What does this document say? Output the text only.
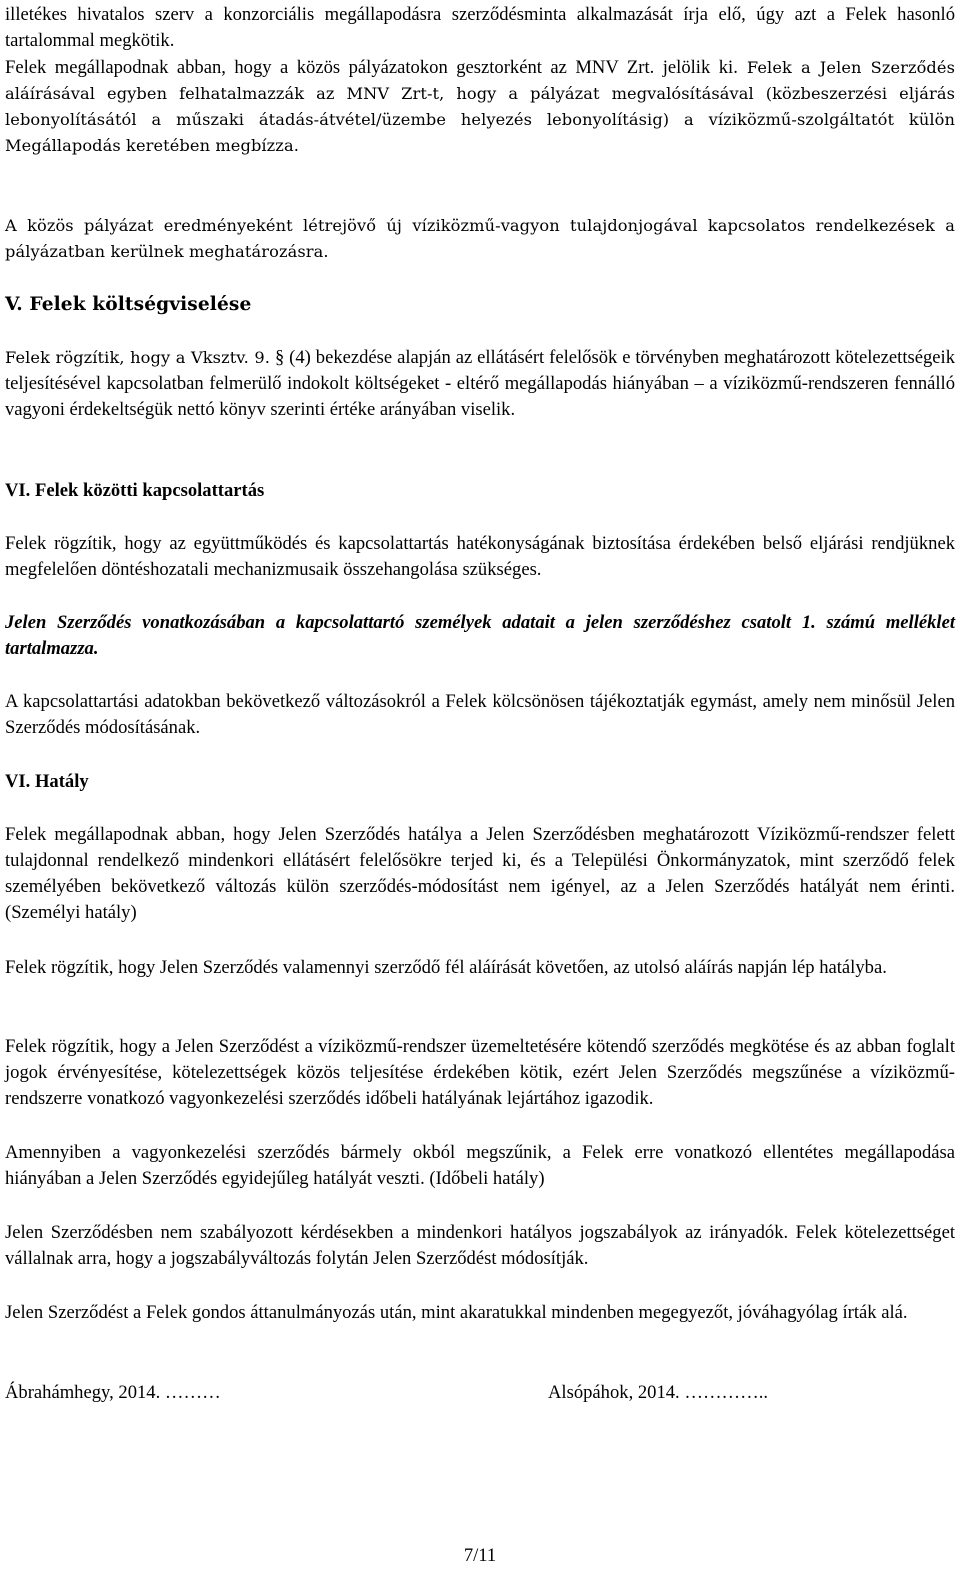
illetékes hivatalos szerv a konzorciális megállapodásra szerződésminta alkalmazását írja elő, úgy azt a Felek hasonló tartalommal megkötik.

Felek megállapodnak abban, hogy a közös pályázatokon gesztorként az MNV Zrt. jelölik ki. Felek a Jelen Szerződés aláírásával egyben felhatalmazzák az MNV Zrt-t, hogy a pályázat megvalósításával (közbeszerzési eljárás lebonyolításától a műszaki átadás-átvétel/üzembe helyezés lebonyolításig) a víziközmű-szolgáltatót külön Megállapodás keretében megbízza.

A közös pályázat eredményeként létrejövő új víziközmű-vagyon tulajdonjogával kapcsolatos rendelkezések a pályázatban kerülnek meghatározásra.

V. Felek költségviselése

Felek rögzítik, hogy a Vksztv. 9. § (4) bekezdése alapján az ellátásért felelősök e törvényben meghatározott kötelezettségeik teljesítésével kapcsolatban felmerülő indokolt költségeket - eltérő megállapodás hiányában – a víziközmű-rendszeren fennálló vagyoni érdekeltségük nettó könyv szerinti értéke arányában viselik.

VI. Felek közötti kapcsolattartás

Felek rögzítik, hogy az együttműködés és kapcsolattartás hatékonyságának biztosítása érdekében belső eljárási rendjüknek megfelelően döntéshozatali mechanizmusaik összehangolása szükséges.

Jelen Szerződés vonatkozásában a kapcsolattartó személyek adatait a jelen szerződéshez csatolt 1. számú melléklet tartalmazza.

A kapcsolattartási adatokban bekövetkező változásokról a Felek kölcsönösen tájékoztatják egymást, amely nem minősül Jelen Szerződés módosításának.

VI. Hatály

Felek megállapodnak abban, hogy Jelen Szerződés hatálya a Jelen Szerződésben meghatározott Víziközmű-rendszer felett tulajdonnal rendelkező mindenkori ellátásért felelősökre terjed ki, és a Települési Önkormányzatok, mint szerződő felek személyében bekövetkező változás külön szerződés-módosítást nem igényel, az a Jelen Szerződés hatályát nem érinti. (Személyi hatály)

Felek rögzítik, hogy Jelen Szerződés valamennyi szerződő fél aláírását követően, az utolsó aláírás napján lép hatályba.

Felek rögzítik, hogy a Jelen Szerződést a víziközmű-rendszer üzemeltetésére kötendő szerződés megkötése és az abban foglalt jogok érvényesítése, kötelezettségek közös teljesítése érdekében kötik, ezért Jelen Szerződés megszűnése a víziközmű-rendszerre vonatkozó vagyonkezelési szerződés időbeli hatályának lejártához igazodik.

Amennyiben a vagyonkezelési szerződés bármely okból megszűnik, a Felek erre vonatkozó ellentétes megállapodása hiányában a Jelen Szerződés egyidejűleg hatályát veszti. (Időbeli hatály)

Jelen Szerződésben nem szabályozott kérdésekben a mindenkori hatályos jogszabályok az irányadók. Felek kötelezettséget vállalnak arra, hogy a jogszabályváltozás folytán Jelen Szerződést módosítják.

Jelen Szerződést a Felek gondos áttanulmányozás után, mint akaratukkal mindenben megegyezőt, jóváhagyólag írták alá.

Ábrahámhegy, 2014. ………	Alsópáhok, 2014. …………..
7/11
